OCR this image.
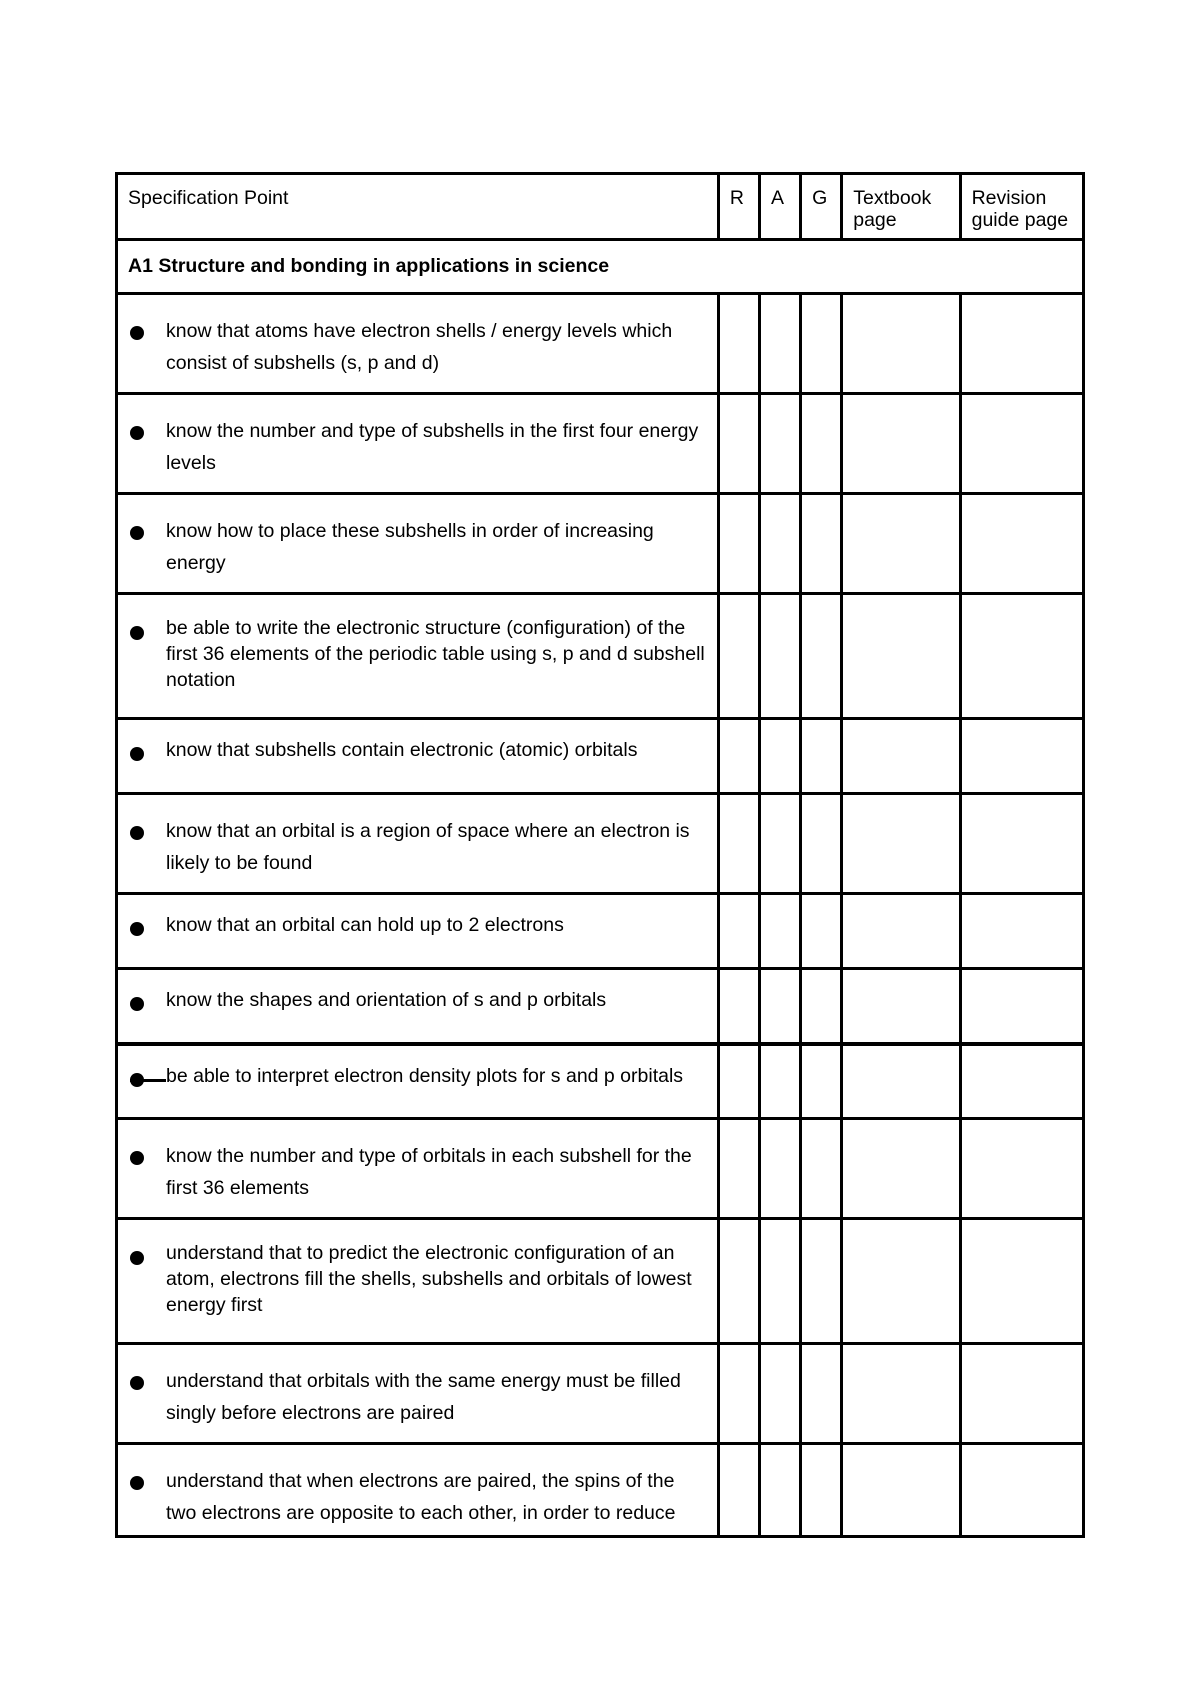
Specification Point	R	A	G	Textbook page	Revision guide page

A1 Structure and bonding in applications in science					

know that atoms have electron shells / energy levels which consist of subshells (s, p and d)					

know the number and type of subshells in the first four energy levels					

know how to place these subshells in order of increasing energy					

be able to write the electronic structure (configuration) of the first 36 elements of the periodic table using s, p and d subshell notation					

know that subshells contain electronic (atomic) orbitals					

know that an orbital is a region of space where an electron is likely to be found					

know that an orbital can hold up to 2 electrons					

know the shapes and orientation of s and p orbitals					

be able to interpret electron density plots for s and p orbitals					

know the number and type of orbitals in each subshell for the first 36 elements					

understand that to predict the electronic configuration of an atom, electrons fill the shells, subshells and orbitals of lowest energy first					

understand that orbitals with the same energy must be filled singly before electrons are paired					

understand that when electrons are paired, the spins of the two electrons are opposite to each other, in order to reduce					
